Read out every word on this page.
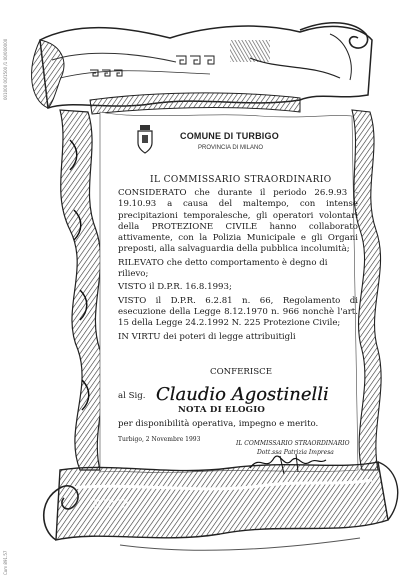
001000 00/1500 /1 00/000000
Com 891.57
COMUNE DI TURBIGO
PROVINCIA DI MILANO
IL COMMISSARIO STRAORDINARIO

CONSIDERATO che durante il periodo 26.9.93 - 19.10.93 a causa del maltempo, con intense precipitazioni temporalesche, gli operatori volontari della PROTEZIONE CIVILE hanno collaborato attivamente, con la Polizia Municipale e gli Organi preposti, alla salvaguardia della pubblica incolumità;

RILEVATO che detto comportamento è degno di rilievo;

VISTO il D.P.R. 16.8.1993;

VISTO il D.P.R. 6.2.81 n. 66, Regolamento di esecuzione della Legge 8.12.1970 n. 966 nonchè l'art. 15 della Legge 24.2.1992 N. 225 Protezione Civile;

IN VIRTU dei poteri di legge attribuitigli

CONFERISCE
al Sig. Claudio Agostinelli
NOTA DI ELOGIO
per disponibilità operativa, impegno e merito.
Turbigo, 2 Novembre 1993
IL COMMISSARIO STRAORDINARIO
Dott.ssa Patrizia Impresa
